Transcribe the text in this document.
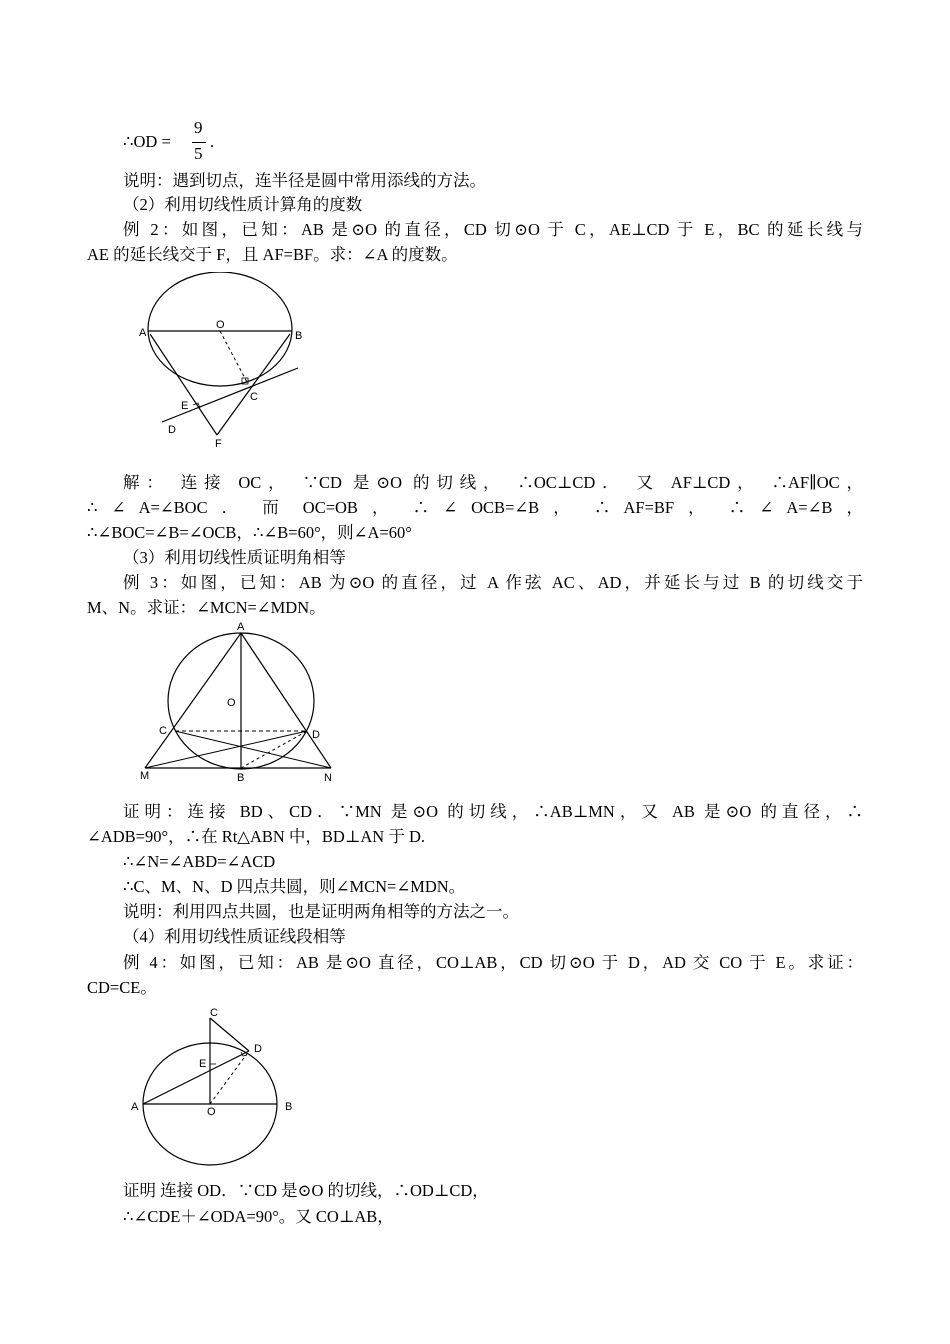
∴OD =
9
5
.
说明：遇到切点，连半径是圆中常用添线的方法。
（2）利用切线性质计算角的度数
例 2：如图，已知：AB 是⊙O 的直径，CD 切⊙O 于 C，AE⊥CD 于 E，BC 的延长线与
AE 的延长线交于 F，且 AF=BF。求：∠A 的度数。
A
O
B
C
E
D
F
解： 连接 OC， ∵CD 是⊙O 的切线， ∴OC⊥CD． 又 AF⊥CD， ∴AF∥OC，
∴ ∠ A=∠BOC ． 而 OC=OB ， ∴ ∠ OCB=∠B ， ∴ AF=BF ， ∴ ∠ A=∠B ，
∴∠BOC=∠B=∠OCB，∴∠B=60°，则∠A=60°
（3）利用切线性质证明角相等
例 3：如图，已知：AB 为⊙O 的直径，过 A 作弦 AC、AD，并延长与过 B 的切线交于
M、N。求证：∠MCN=∠MDN。
A
O
C	D
M	B	N
证明：连接 BD、CD．∵MN 是⊙O 的切线，∴AB⊥MN，又 AB 是⊙O 的直径，∴
∠ADB=90°，∴在 Rt△ABN 中，BD⊥AN 于 D.
∴∠N=∠ABD=∠ACD
∴C、M、N、D 四点共圆，则∠MCN=∠MDN。
说明：利用四点共圆，也是证明两角相等的方法之一。
（4）利用切线性质证线段相等
例 4：如图，已知：AB 是⊙O 直径，CO⊥AB，CD 切⊙O 于 D，AD 交 CO 于 E。求证：
CD=CE。
C
E
D
A	O	B
证明 连接 OD．∵CD 是⊙O 的切线，∴OD⊥CD，
∴∠CDE＋∠ODA=90°。又 CO⊥AB，
